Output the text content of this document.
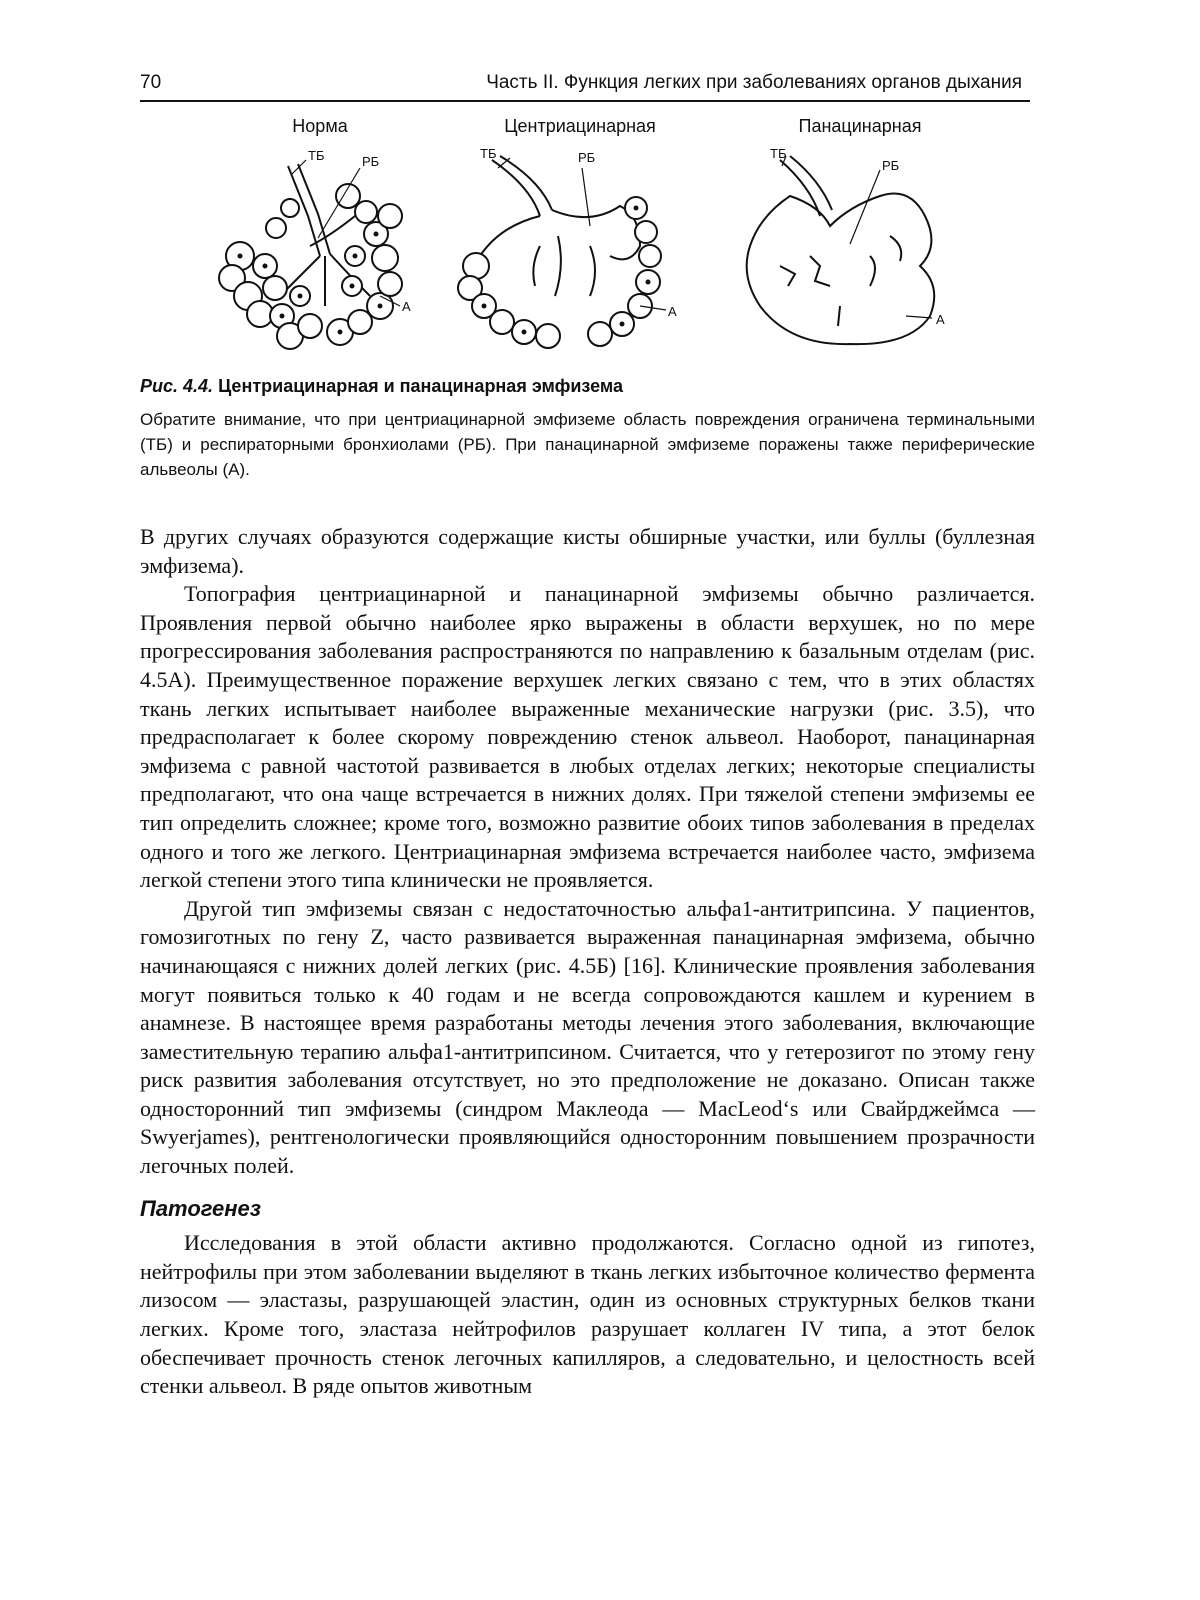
70	Часть II. Функция легких при заболеваниях органов дыхания
Норма
ТБ	РБ
А
Центриацинарная
ТБ	РБ
А
Панацинарная
ТБ
РБ
А

Рис. 4.4. Центриацинарная и панацинарная эмфизема

Обратите внимание, что при центриацинарной эмфиземе область повреждения ограничена терминальными (ТБ) и респираторными бронхиолами (РБ). При панацинарной эмфиземе поражены также периферические альвеолы (А).

В других случаях образуются содержащие кисты обширные участки, или буллы (буллезная эмфизема).

Топография центриацинарной и панацинарной эмфиземы обычно различается. Проявления первой обычно наиболее ярко выражены в области верхушек, но по мере прогрессирования заболевания распространяются по направлению к базальным отделам (рис. 4.5А). Преимущественное поражение верхушек легких связано с тем, что в этих областях ткань легких испытывает наиболее выраженные механические нагрузки (рис. 3.5), что предрасполагает к более скорому повреждению стенок альвеол. Наоборот, панацинарная эмфизема с равной частотой развивается в любых отделах легких; некоторые специалисты предполагают, что она чаще встречается в нижних долях. При тяжелой степени эмфиземы ее тип определить сложнее; кроме того, возможно развитие обоих типов заболевания в пределах одного и того же легкого. Центриацинарная эмфизема встречается наиболее часто, эмфизема легкой степени этого типа клинически не проявляется.

Другой тип эмфиземы связан с недостаточностью альфа1-антитрипсина. У пациентов, гомозиготных по гену Z, часто развивается выраженная панацинарная эмфизема, обычно начинающаяся с нижних долей легких (рис. 4.5Б) [16]. Клинические проявления заболевания могут появиться только к 40 годам и не всегда сопровождаются кашлем и курением в анамнезе. В настоящее время разработаны методы лечения этого заболевания, включающие заместительную терапию альфа1-антитрипсином. Считается, что у гетерозигот по этому гену риск развития заболевания отсутствует, но это предположение не доказано. Описан также односторонний тип эмфиземы (синдром Маклеода — MacLeod‘s или Свайрджеймса — Swyerjames), рентгенологически проявляющийся односторонним повышением прозрачности легочных полей.

Патогенез

Исследования в этой области активно продолжаются. Согласно одной из гипотез, нейтрофилы при этом заболевании выделяют в ткань легких избыточное количество фермента лизосом — эластазы, разрушающей эластин, один из основных структурных белков ткани легких. Кроме того, эластаза нейтрофилов разрушает коллаген IV типа, а этот белок обеспечивает прочность стенок легочных капилляров, а следовательно, и целостность всей стенки альвеол. В ряде опытов животным
